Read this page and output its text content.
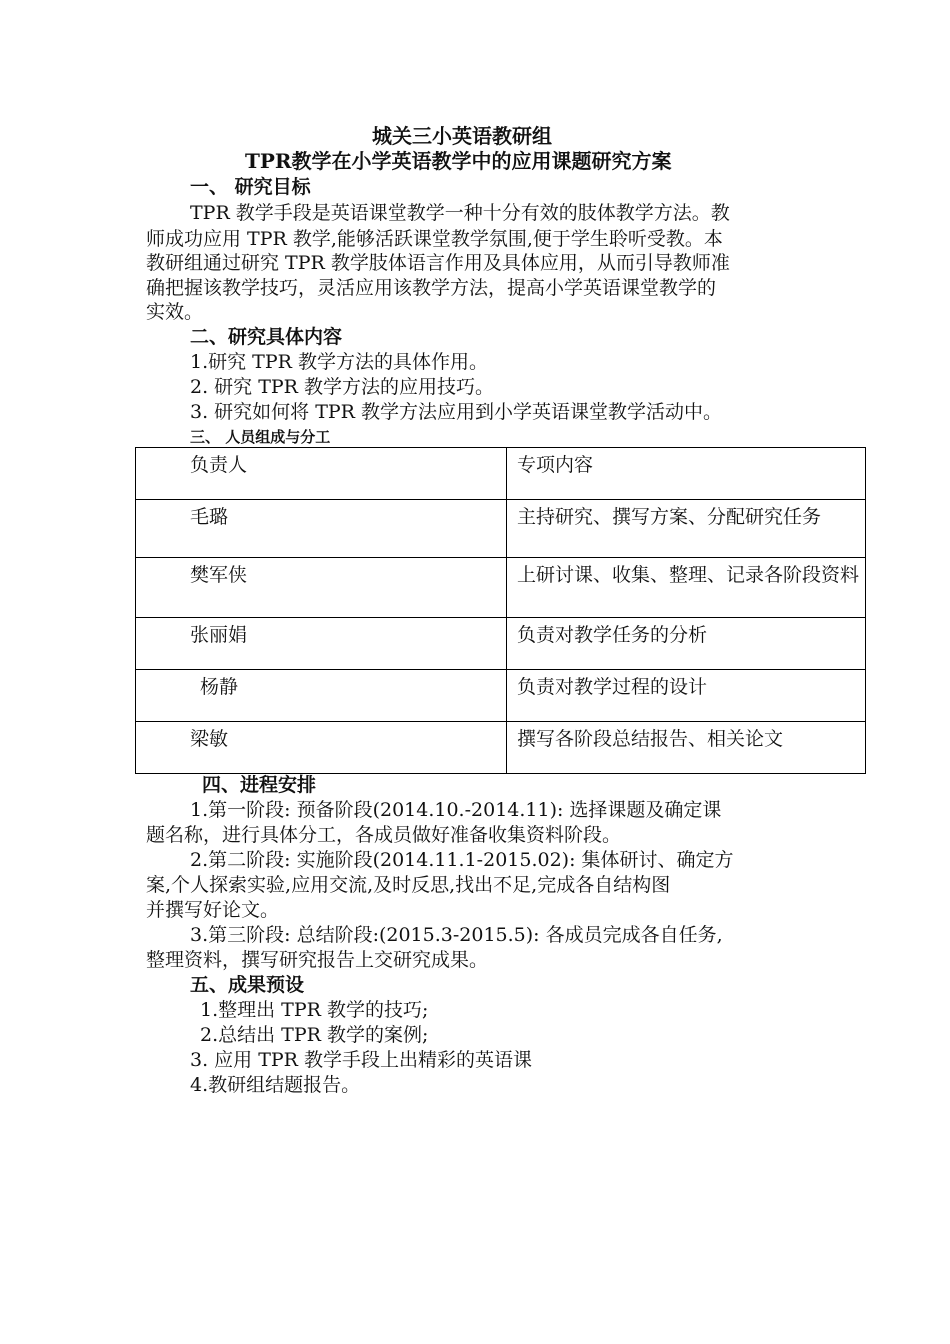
城关三小英语教研组
TPR教学在小学英语教学中的应用课题研究方案
一、 研究目标
TPR 教学手段是英语课堂教学一种十分有效的肢体教学方法。教
师成功应用 TPR 教学,能够活跃课堂教学氛围,便于学生聆听受教。本
教研组通过研究 TPR 教学肢体语言作用及具体应用，从而引导教师准
确把握该教学技巧，灵活应用该教学方法，提高小学英语课堂教学的
实效。
二、研究具体内容
1.研究 TPR 教学方法的具体作用。
2. 研究 TPR 教学方法的应用技巧。
3. 研究如何将 TPR 教学方法应用到小学英语课堂教学活动中。
三、 人员组成与分工
负责人	专项内容
毛璐	主持研究、撰写方案、分配研究任务
樊军侠	上研讨课、收集、整理、记录各阶段资料
张丽娟	负责对教学任务的分析
杨静	负责对教学过程的设计
梁敏	撰写各阶段总结报告、相关论文
四、进程安排
1.第一阶段: 预备阶段(2014.10.-2014.11): 选择课题及确定课
题名称，进行具体分工，各成员做好准备收集资料阶段。
2.第二阶段: 实施阶段(2014.11.1-2015.02): 集体研讨、确定方
案,个人探索实验,应用交流,及时反思,找出不足,完成各自结构图
并撰写好论文。
3.第三阶段: 总结阶段:(2015.3-2015.5): 各成员完成各自任务,
整理资料，撰写研究报告上交研究成果。
五、成果预设
1.整理出 TPR 教学的技巧;
2.总结出 TPR 教学的案例;
3. 应用 TPR 教学手段上出精彩的英语课
4.教研组结题报告。
